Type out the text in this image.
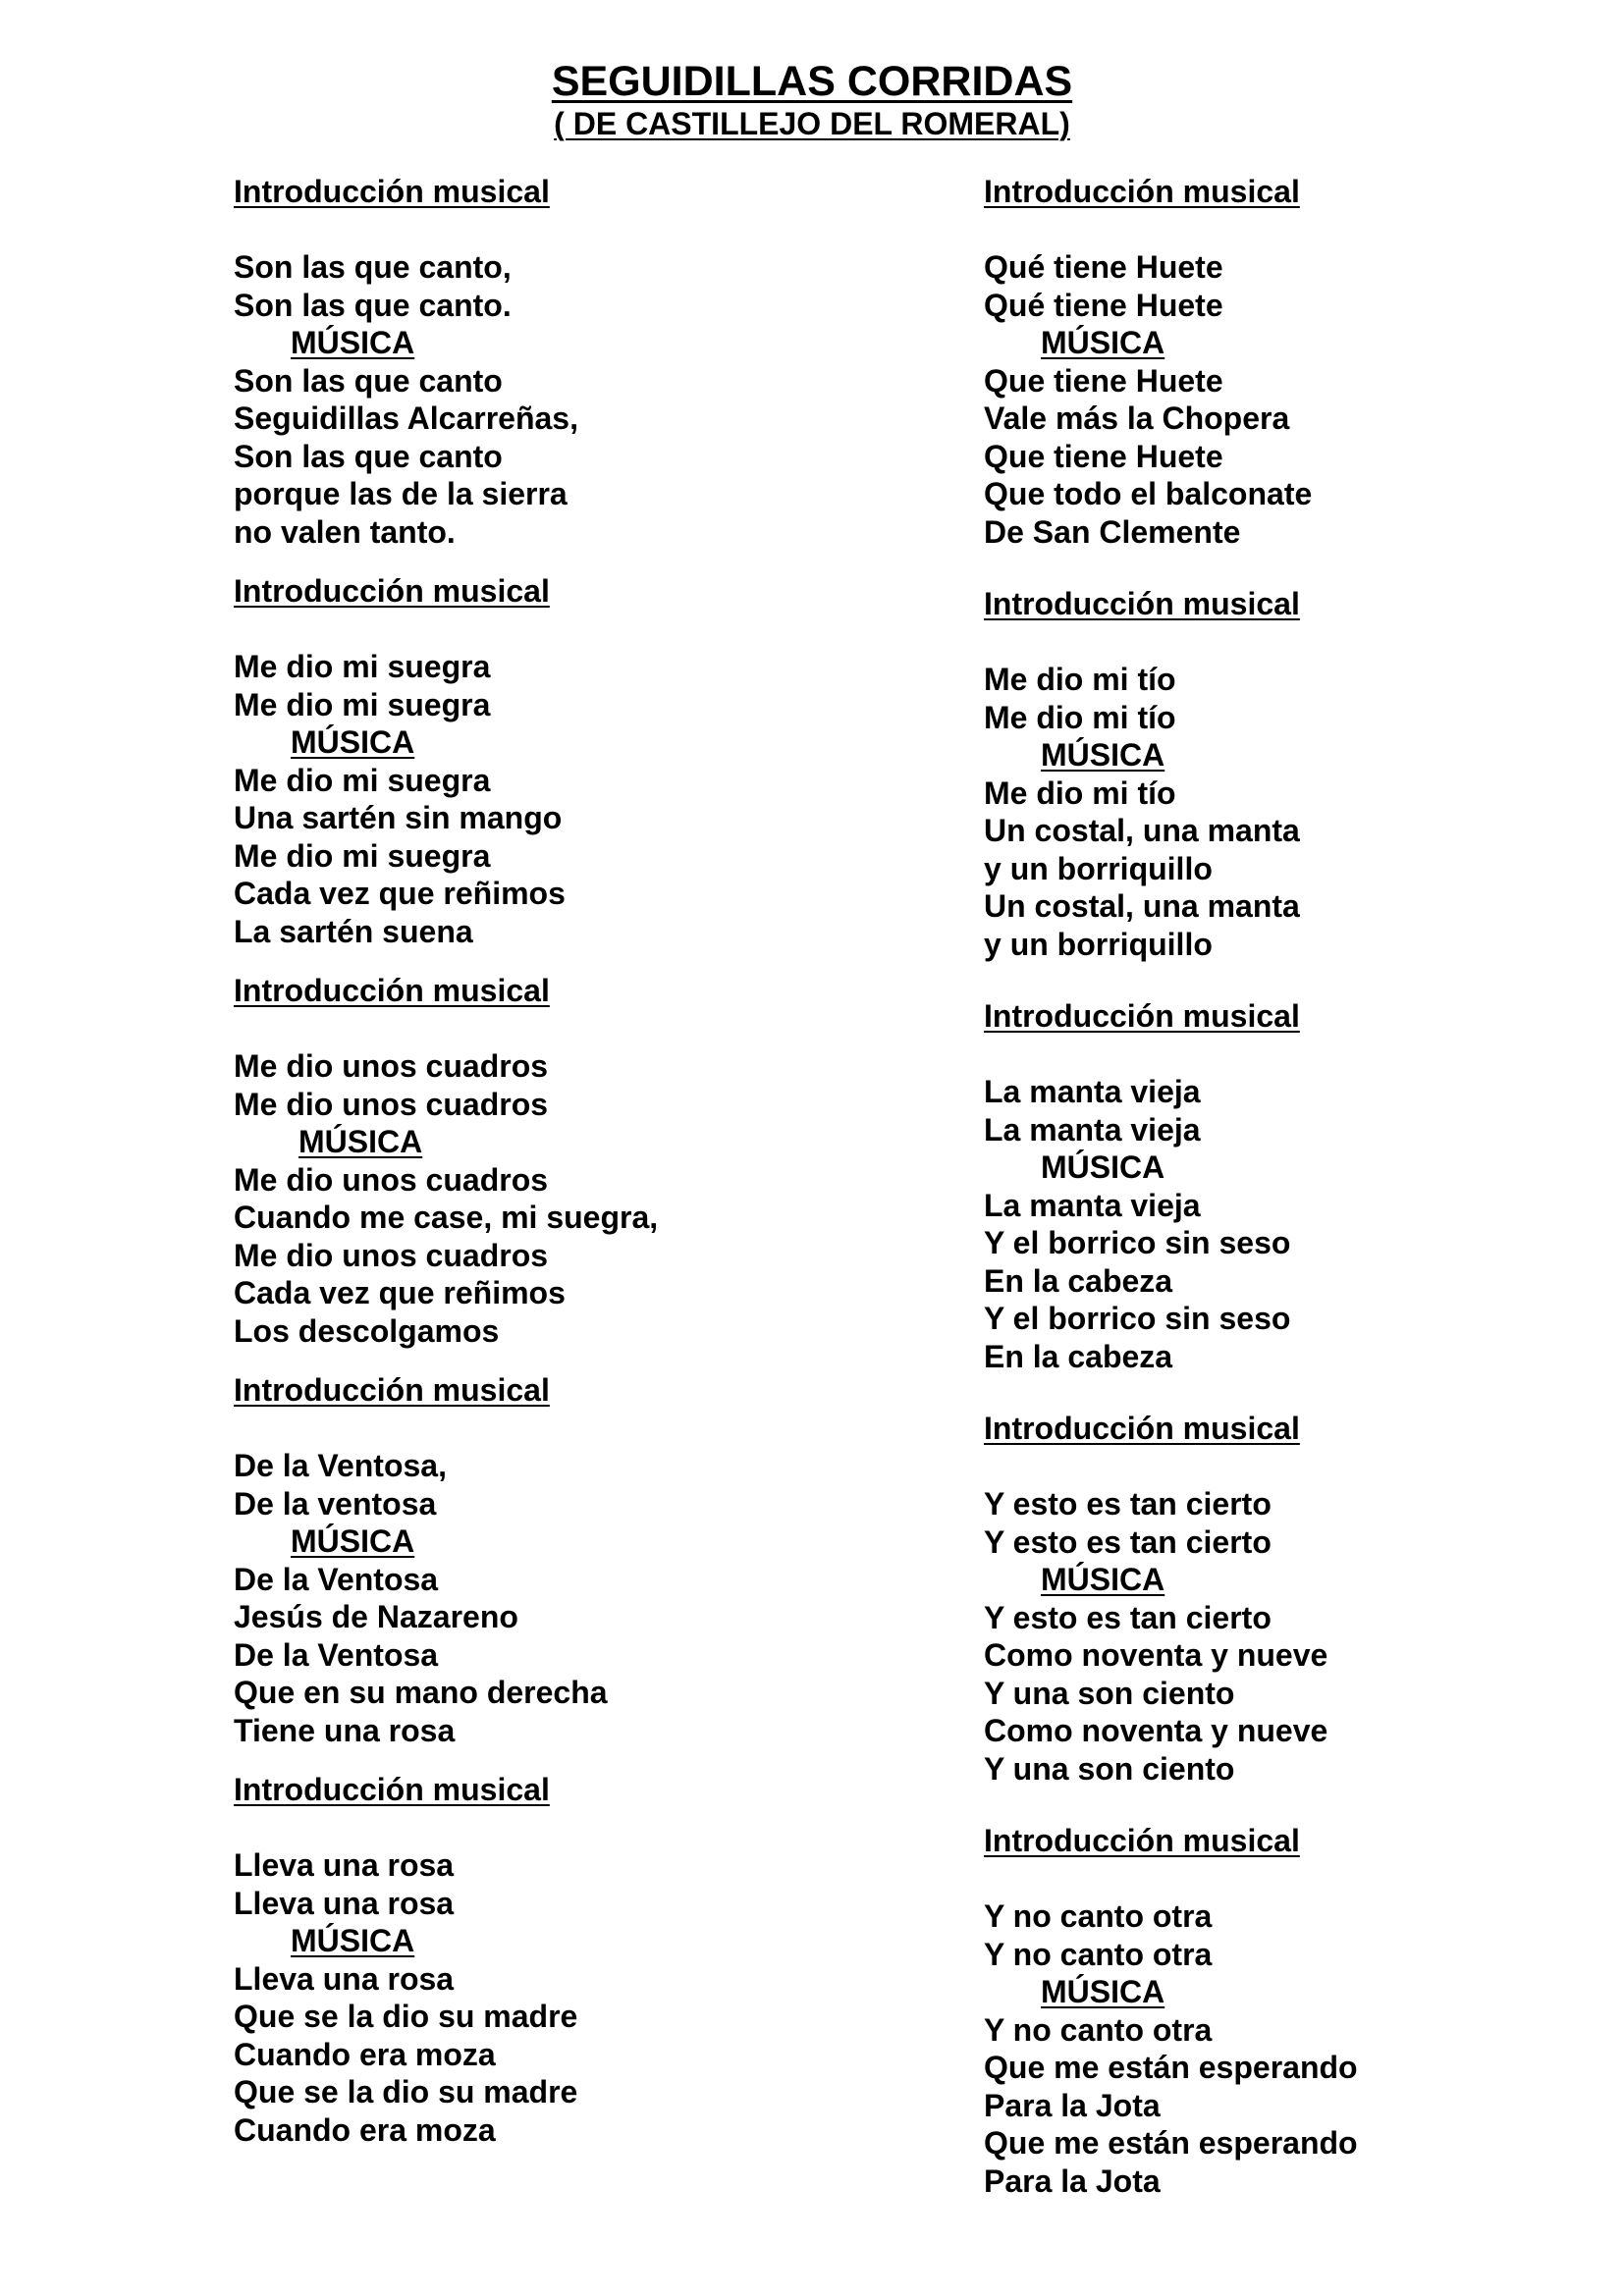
SEGUIDILLAS CORRIDAS
( DE CASTILLEJO DEL ROMERAL)
Introducción musical
Son las que canto,
Son las que canto.
MÚSICA
Son las que canto
Seguidillas Alcarreñas,
Son las que canto
porque las de la sierra
no valen tanto.
Introducción musical
Me dio mi suegra
Me dio mi suegra
MÚSICA
Me dio mi suegra
Una sartén sin mango
Me dio mi suegra
Cada vez que reñimos
La sartén suena
Introducción musical
Me dio unos cuadros
Me dio unos cuadros
MÚSICA
Me dio unos cuadros
Cuando me case, mi suegra,
Me dio unos cuadros
Cada vez que reñimos
Los descolgamos
Introducción musical
De la Ventosa,
De la ventosa
MÚSICA
De la Ventosa
Jesús de Nazareno
De la Ventosa
Que en su mano derecha
Tiene una rosa
Introducción musical
Lleva una rosa
Lleva una rosa
MÚSICA
Lleva una rosa
Que se la dio su madre
Cuando era moza
Que se la dio su madre
Cuando era moza
Introducción musical
Qué tiene Huete
Qué tiene Huete
MÚSICA
Que tiene Huete
Vale más la Chopera
Que tiene Huete
Que todo el balconate
De San Clemente
Introducción musical
Me dio mi tío
Me dio mi tío
MÚSICA
Me dio mi tío
Un costal, una manta
y un borriquillo
Un costal, una manta
y un borriquillo
Introducción musical
La manta vieja
La manta vieja
MÚSICA
La manta vieja
Y el borrico sin seso
En la cabeza
Y el borrico sin seso
En la cabeza
Introducción musical
Y esto es tan cierto
Y esto es tan cierto
MÚSICA
Y esto es tan cierto
Como noventa y nueve
Y una son ciento
Como noventa y nueve
Y una son ciento
Introducción musical
Y no canto otra
Y no canto otra
MÚSICA
Y no canto otra
Que me están esperando
Para la Jota
Que me están esperando
Para la Jota
